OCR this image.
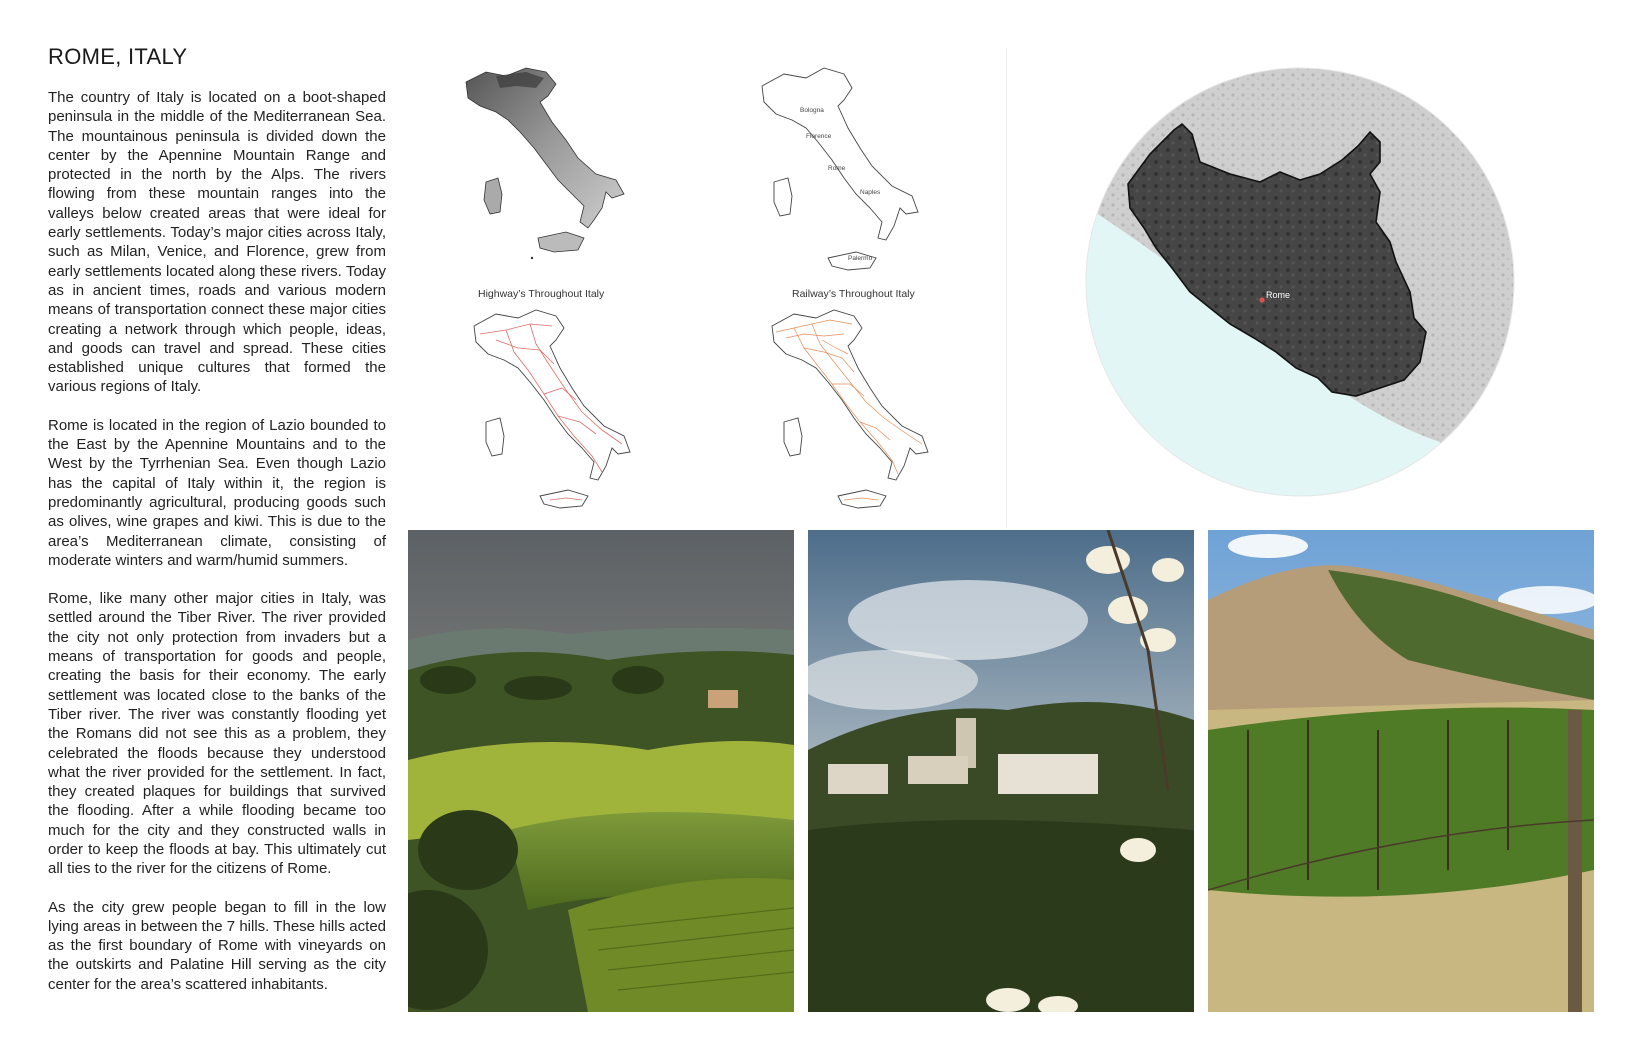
ROME, ITALY

The country of Italy is located on a boot-shaped peninsula in the middle of the Mediterranean Sea. The mountainous peninsula is divided down the center by the Apennine Mountain Range and protected in the north by the Alps. The rivers flowing from these mountain ranges into the valleys below created areas that were ideal for early settlements. Today’s major cities across Italy, such as Milan, Venice, and Florence, grew from early settlements located along these rivers. Today as in ancient times, roads and various modern means of transportation connect these major cities creating a network through which people, ideas, and goods can travel and spread. These cities established unique cultures that formed the various regions of Italy.

Rome is located in the region of Lazio bounded to the East by the Apennine Mountains and to the West by the Tyrrhenian Sea. Even though Lazio has the capital of Italy within it, the region is predominantly agricultural, producing goods such as olives, wine grapes and kiwi. This is due to the area’s Mediterranean climate, consisting of moderate winters and warm/humid summers.

Rome, like many other major cities in Italy, was settled around the Tiber River. The river provided the city not only protection from invaders but a means of transportation for goods and people, creating the basis for their economy. The early settlement was located close to the banks of the Tiber river. The river was constantly flooding yet the Romans did not see this as a problem, they celebrated the floods because they understood what the river provided for the settlement. In fact, they created plaques for buildings that survived the flooding. After a while flooding became too much for the city and they constructed walls in order to keep the floods at bay. This ultimately cut all ties to the river for the citizens of Rome.

As the city grew people began to fill in the low lying areas in between the 7 hills. These hills acted as the first boundary of Rome with vineyards on the outskirts and Palatine Hill serving as the city center for the area’s scattered inhabitants.

Bologna
Florence
Rome
Naples
Palermo
Highway’s Throughout Italy	Railway’s Throughout Italy	Rome
